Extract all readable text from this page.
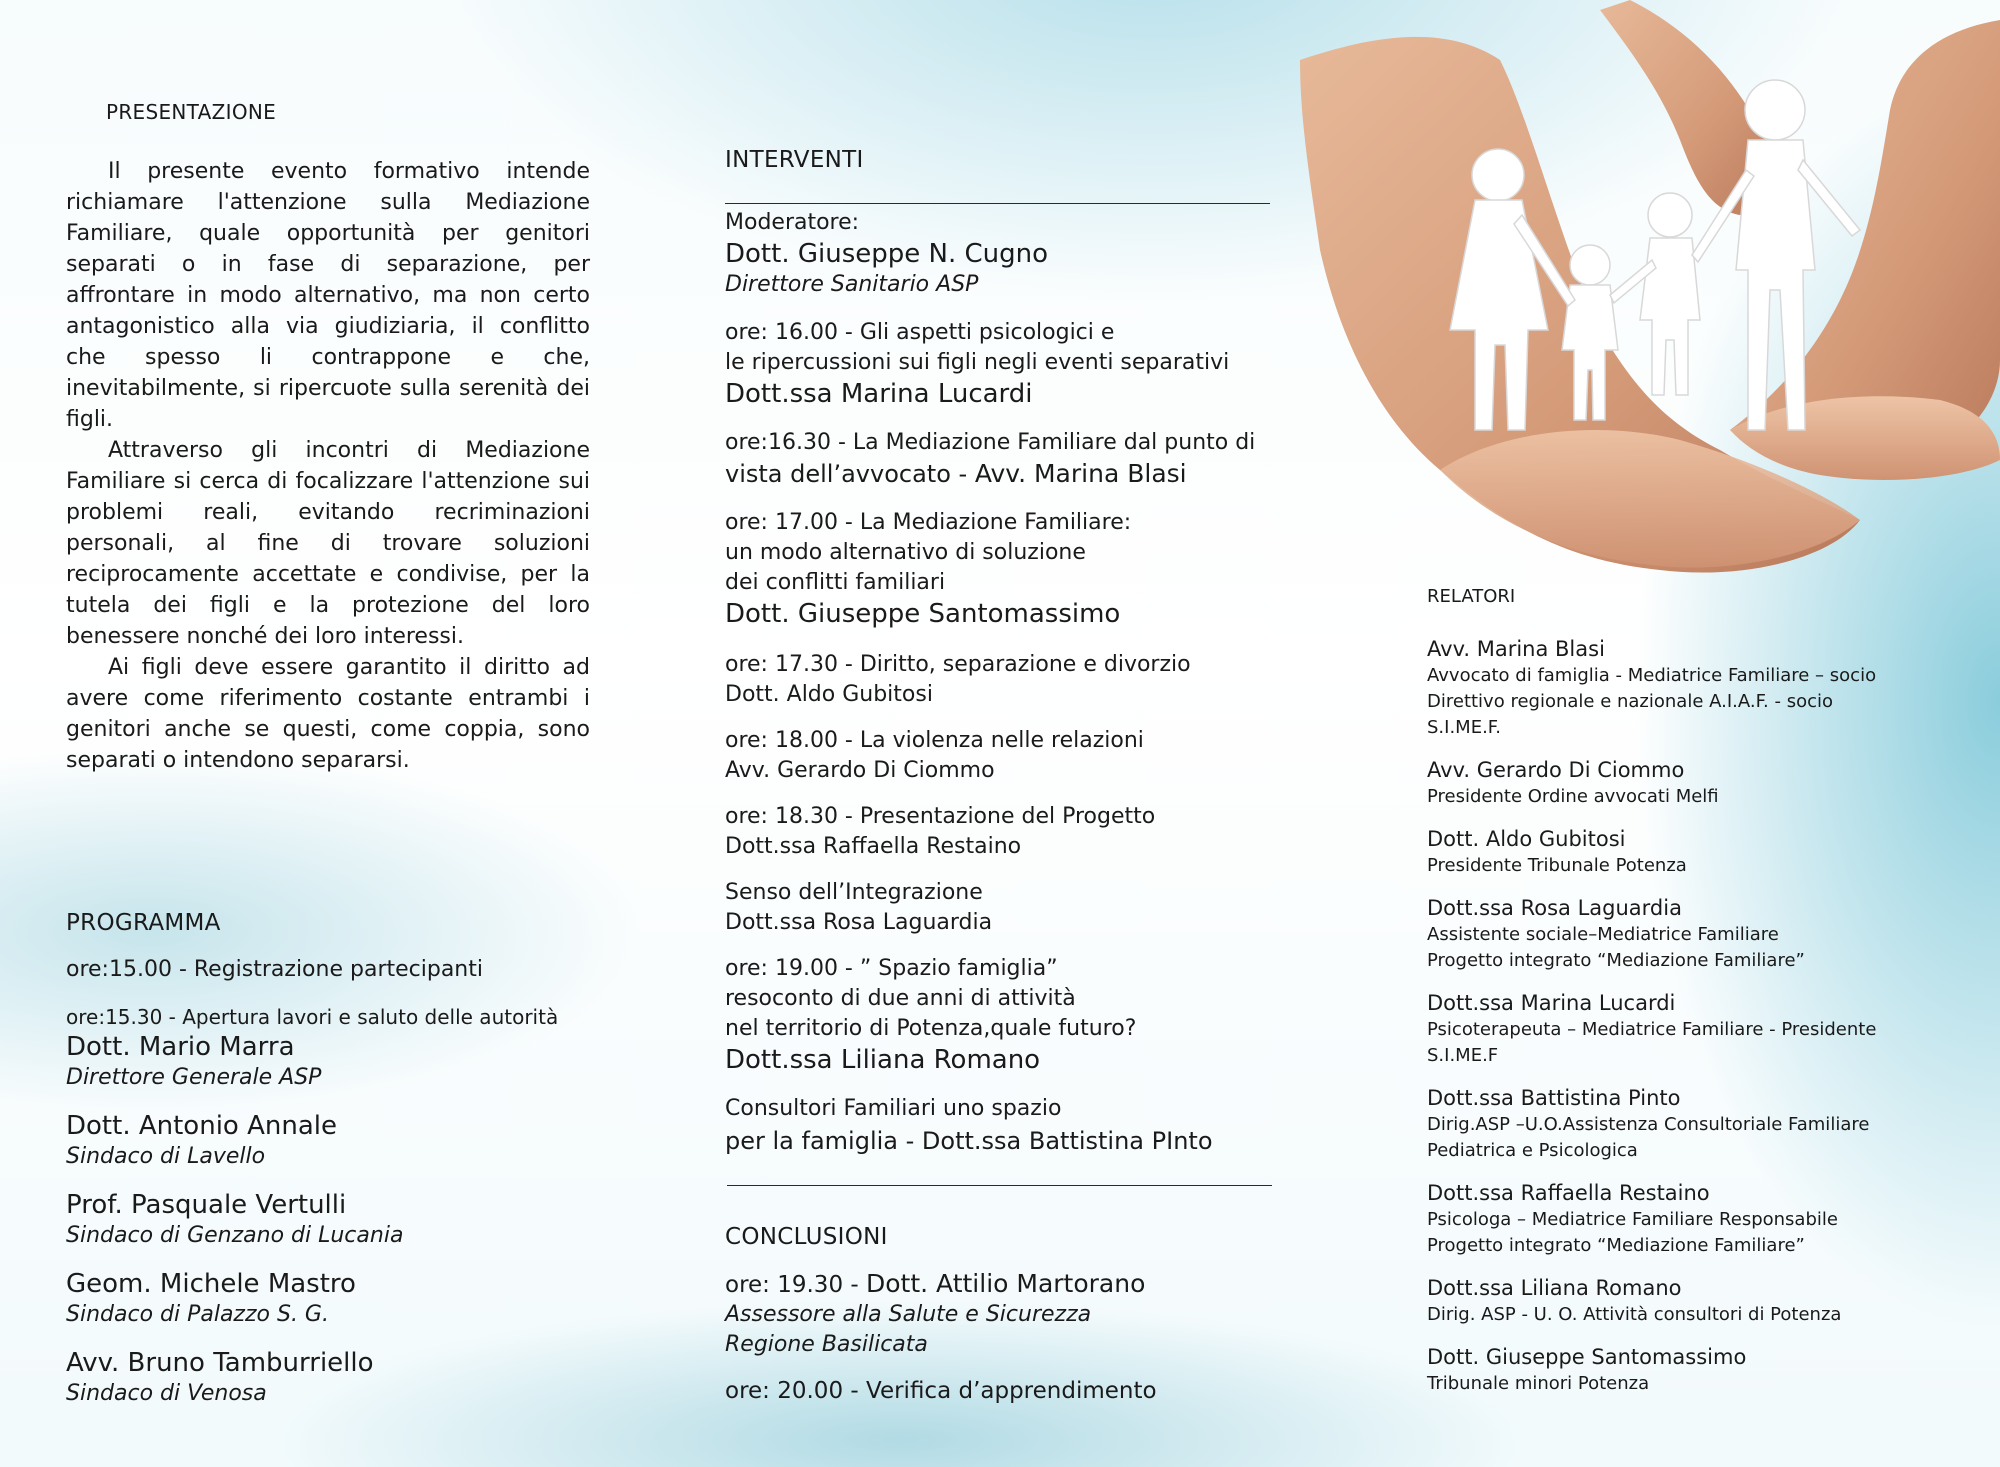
PRESENTAZIONE

Il presente evento formativo intende richiamare l'attenzione sulla Mediazione Familiare, quale opportunità per genitori separati o in fase di separazione, per affrontare in modo alternativo, ma non certo antagonistico alla via giudiziaria, il conflitto che spesso li contrappone e che, inevitabilmente, si ripercuote sulla serenità dei figli.

Attraverso gli incontri di Mediazione Familiare si cerca di focalizzare l'attenzione sui problemi reali, evitando recriminazioni personali, al fine di trovare soluzioni reciprocamente accettate e condivise, per la tutela dei figli e la protezione del loro benessere nonché dei loro interessi.

Ai figli deve essere garantito il diritto ad avere come riferimento costante entrambi i genitori anche se questi, come coppia, sono separati o intendono separarsi.

PROGRAMMA
ore:15.00 - Registrazione partecipanti
ore:15.30 - Apertura lavori e saluto delle autorità
Dott. Mario Marra
Direttore Generale ASP
Dott. Antonio Annale
Sindaco di Lavello
Prof. Pasquale Vertulli
Sindaco di Genzano di Lucania
Geom. Michele Mastro
Sindaco di Palazzo S. G.
Avv. Bruno Tamburriello
Sindaco di Venosa
INTERVENTI
Moderatore:
Dott. Giuseppe N. Cugno
Direttore Sanitario ASP
ore: 16.00 - Gli aspetti psicologici e
le ripercussioni sui figli negli eventi separativi
Dott.ssa Marina Lucardi
ore:16.30 - La Mediazione Familiare dal punto di
vista dell’avvocato - Avv. Marina Blasi
ore: 17.00 - La Mediazione Familiare:
un modo alternativo di soluzione
dei conflitti familiari
Dott. Giuseppe Santomassimo
ore: 17.30 - Diritto, separazione e divorzio
Dott. Aldo Gubitosi
ore: 18.00 - La violenza nelle relazioni
Avv. Gerardo Di Ciommo
ore: 18.30 - Presentazione del Progetto
Dott.ssa Raffaella Restaino
Senso dell’Integrazione
Dott.ssa Rosa Laguardia
ore: 19.00 - ” Spazio famiglia”
resoconto di due anni di attività
nel territorio di Potenza,quale futuro?
Dott.ssa Liliana Romano
Consultori Familiari uno spazio
per la famiglia - Dott.ssa Battistina PInto
CONCLUSIONI
ore: 19.30 - Dott. Attilio Martorano
Assessore alla Salute e Sicurezza
Regione Basilicata
ore: 20.00 - Verifica d’apprendimento
RELATORI
Avv. Marina Blasi
Avvocato di famiglia - Mediatrice Familiare – socio
Direttivo regionale e nazionale A.I.A.F. - socio
S.I.ME.F.
Avv. Gerardo Di Ciommo
Presidente Ordine avvocati Melfi
Dott. Aldo Gubitosi
Presidente Tribunale Potenza
Dott.ssa Rosa Laguardia
Assistente sociale–Mediatrice Familiare
Progetto integrato “Mediazione Familiare”
Dott.ssa Marina Lucardi
Psicoterapeuta – Mediatrice Familiare - Presidente
S.I.ME.F
Dott.ssa Battistina Pinto
Dirig.ASP –U.O.Assistenza Consultoriale Familiare
Pediatrica e Psicologica
Dott.ssa Raffaella Restaino
Psicologa – Mediatrice Familiare Responsabile
Progetto integrato “Mediazione Familiare”
Dott.ssa Liliana Romano
Dirig. ASP - U. O. Attività consultori di Potenza
Dott. Giuseppe Santomassimo
Tribunale minori Potenza
